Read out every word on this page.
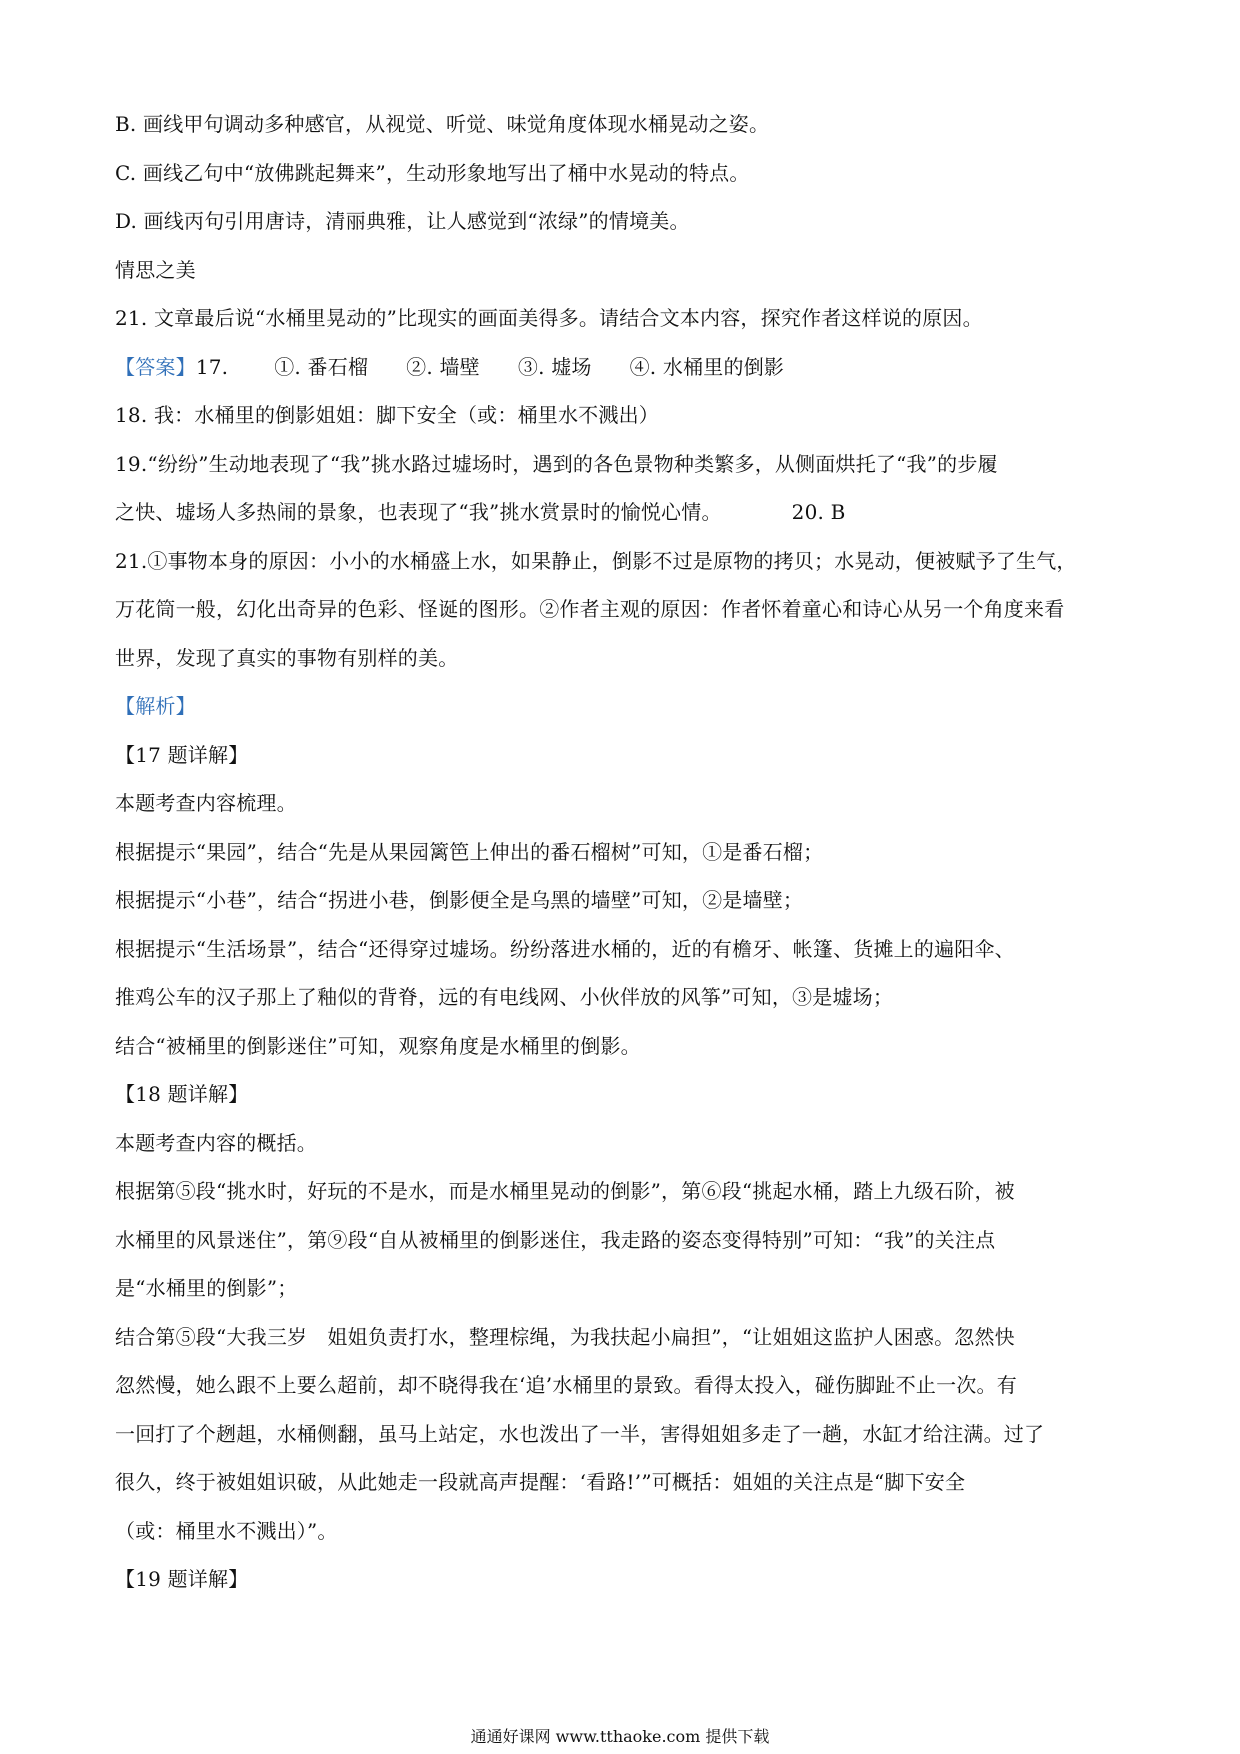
B. 画线甲句调动多种感官，从视觉、听觉、味觉角度体现水桶晃动之姿。
C. 画线乙句中“放佛跳起舞来”，生动形象地写出了桶中水晃动的特点。
D. 画线丙句引用唐诗，清丽典雅，让人感觉到“浓绿”的情境美。
情思之美
21. 文章最后说“水桶里晃动的”比现实的画面美得多。请结合文本内容，探究作者这样说的原因。
【答案】17. ①. 番石榴 ②. 墙壁 ③. 墟场 ④. 水桶里的倒影
18. 我：水桶里的倒影姐姐：脚下安全（或：桶里水不溅出）
19.“纷纷”生动地表现了“我”挑水路过墟场时，遇到的各色景物种类繁多，从侧面烘托了“我”的步履
之快、墟场人多热闹的景象，也表现了“我”挑水赏景时的愉悦心情。	20. B
21.①事物本身的原因：小小的水桶盛上水，如果静止，倒影不过是原物的拷贝；水晃动，便被赋予了生气，
万花筒一般，幻化出奇异的色彩、怪诞的图形。②作者主观的原因：作者怀着童心和诗心从另一个角度来看
世界，发现了真实的事物有别样的美。
【解析】
【17 题详解】
本题考查内容梳理。
根据提示“果园”，结合“先是从果园篱笆上伸出的番石榴树”可知，①是番石榴；
根据提示“小巷”，结合“拐进小巷，倒影便全是乌黑的墙壁”可知，②是墙壁；
根据提示“生活场景”，结合“还得穿过墟场。纷纷落进水桶的，近的有檐牙、帐篷、货摊上的遍阳伞、
推鸡公车的汉子那上了釉似的背脊，远的有电线网、小伙伴放的风筝”可知，③是墟场；
结合“被桶里的倒影迷住”可知，观察角度是水桶里的倒影。
【18 题详解】
本题考查内容的概括。
根据第⑤段“挑水时，好玩的不是水，而是水桶里晃动的倒影”，第⑥段“挑起水桶，踏上九级石阶，被
水桶里的风景迷住”，第⑨段“自从被桶里的倒影迷住，我走路的姿态变得特别”可知：“我”的关注点
是“水桶里的倒影”；
结合第⑤段“大我三岁　姐姐负责打水，整理棕绳，为我扶起小扁担”，“让姐姐这监护人困惑。忽然快
忽然慢，她么跟不上要么超前，却不晓得我在‘追’水桶里的景致。看得太投入，碰伤脚趾不止一次。有
一回打了个趔趄，水桶侧翻，虽马上站定，水也泼出了一半，害得姐姐多走了一趟，水缸才给注满。过了
很久，终于被姐姐识破，从此她走一段就高声提醒：‘看路!’”可概括：姐姐的关注点是“脚下安全
（或：桶里水不溅出）”。
【19 题详解】
通通好课网 www.tthaoke.com 提供下载
